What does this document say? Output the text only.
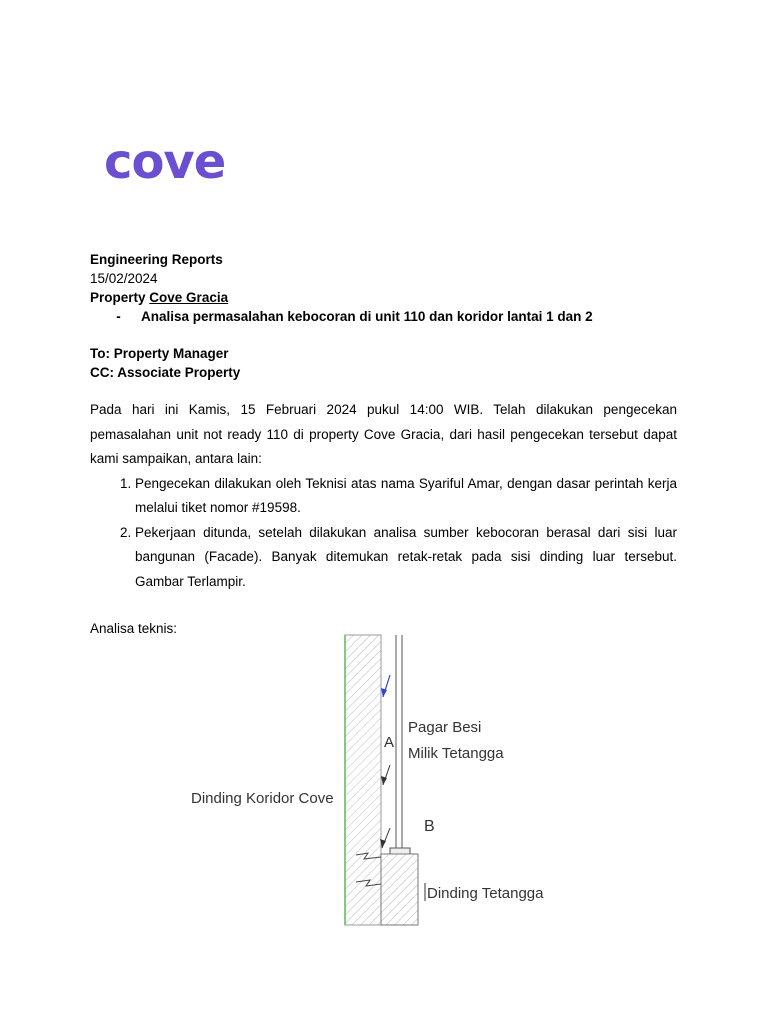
cove
Engineering Reports
15/02/2024
Property Cove Gracia
-	Analisa permasalahan kebocoran di unit 110 dan koridor lantai 1 dan 2
To: Property Manager
CC: Associate Property

Pada hari ini Kamis, 15 Februari 2024 pukul 14:00 WIB. Telah dilakukan pengecekan pemasalahan unit not ready 110 di property Cove Gracia, dari hasil pengecekan tersebut dapat kami sampaikan, antara lain:

1. Pengecekan dilakukan oleh Teknisi atas nama Syariful Amar, dengan dasar perintah kerja melalui tiket nomor #19598.
2. Pekerjaan ditunda, setelah dilakukan analisa sumber kebocoran berasal dari sisi luar bangunan (Facade). Banyak ditemukan retak-retak pada sisi dinding luar tersebut. Gambar Terlampir.
Analisa teknis:
A
Pagar Besi
Milik Tetangga
Dinding Koridor Cove
B
Dinding Tetangga
